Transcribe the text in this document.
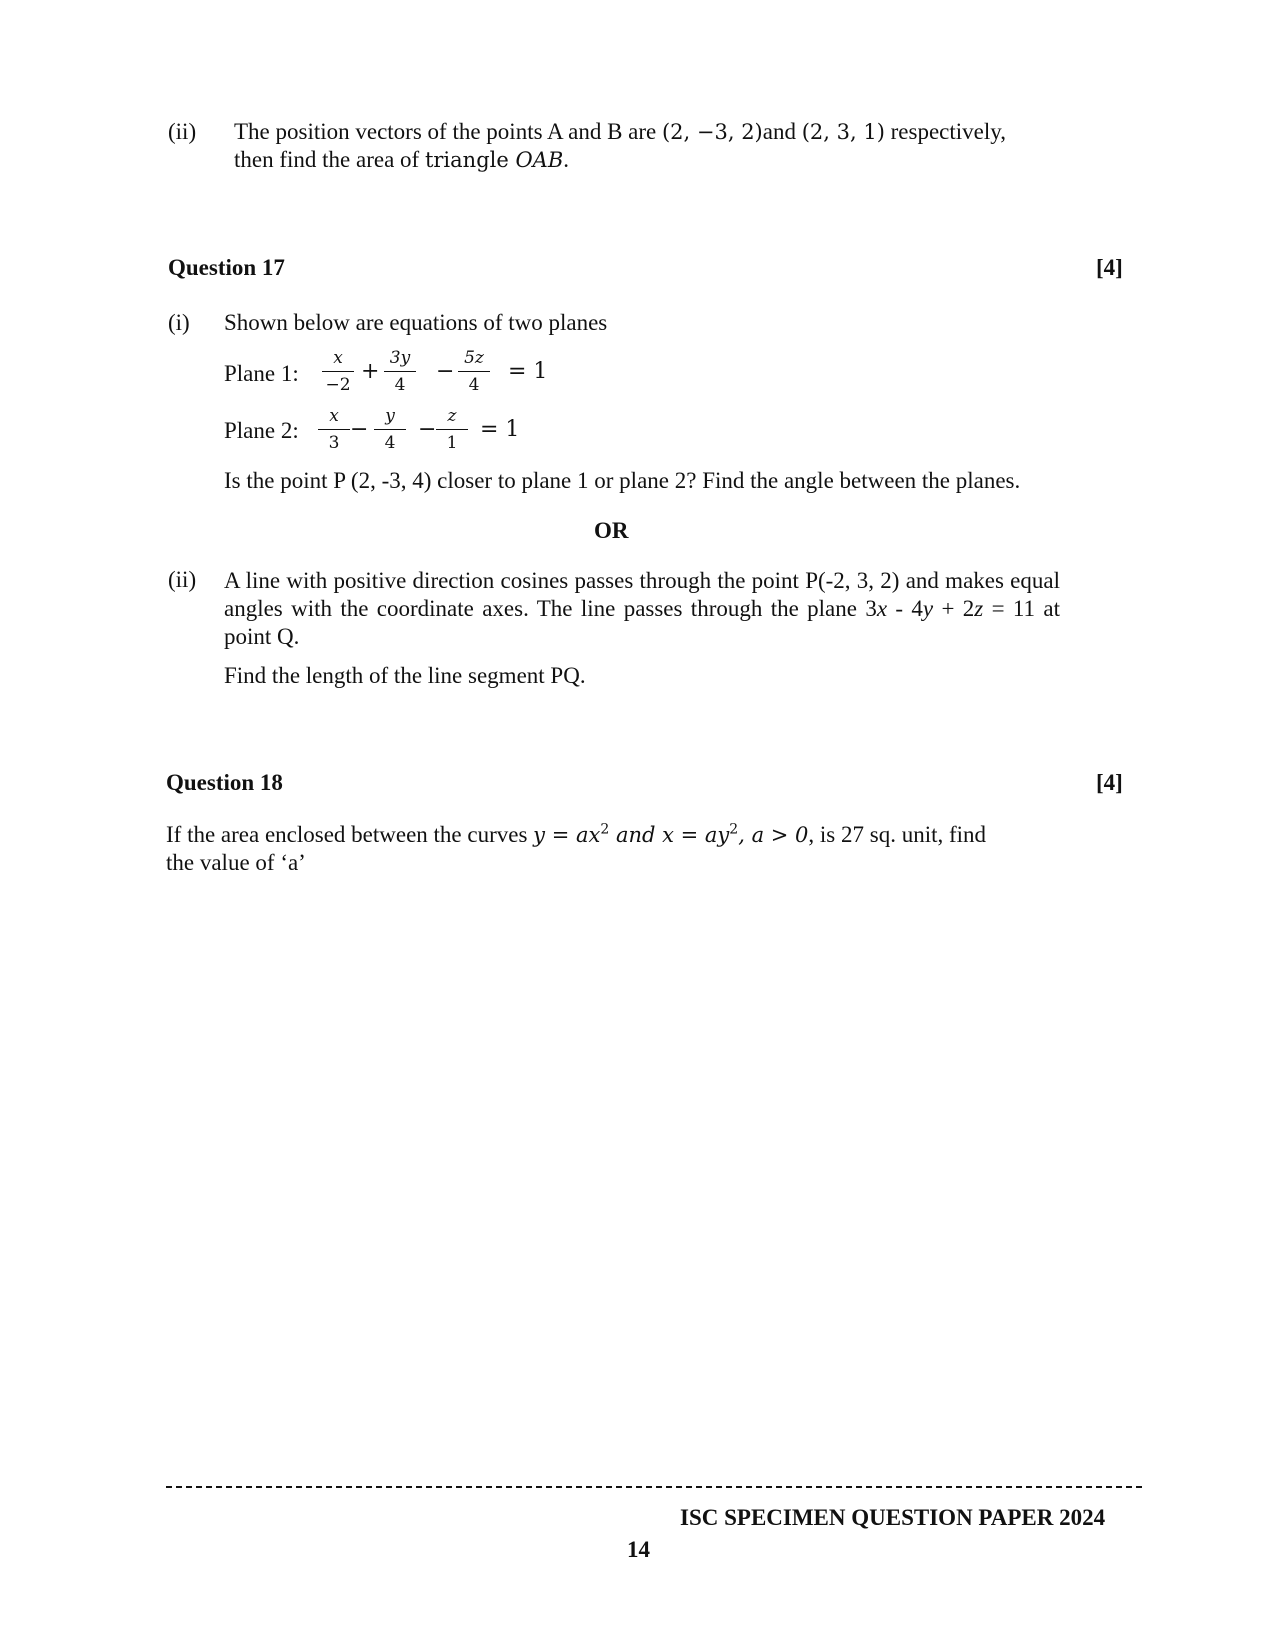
(ii) The position vectors of the points A and B are (2, −3, 2)and (2, 3, 1) respectively,
then find the area of triangle OAB.
Question 17	[4]
(i) Shown below are equations of two planes
Plane 1:
x
−2
+
3y
4
−
5z
4
= 1
Plane 2:
x
3
−
y
4
−
z
1
= 1
Is the point P (2, -3, 4) closer to plane 1 or plane 2? Find the angle between the planes.
OR
(ii) A line with positive direction cosines passes through the point P(-2, 3, 2) and makes equal angles with the coordinate axes. The line passes through the plane 3x - 4y + 2z = 11 at point Q.
Find the length of the line segment PQ.
Question 18	[4]
If the area enclosed between the curves $y = ax^2$ and $x = ay^2$, a > 0, is 27 sq. unit, find
the value of ‘a’
ISC SPECIMEN QUESTION PAPER 2024
14
